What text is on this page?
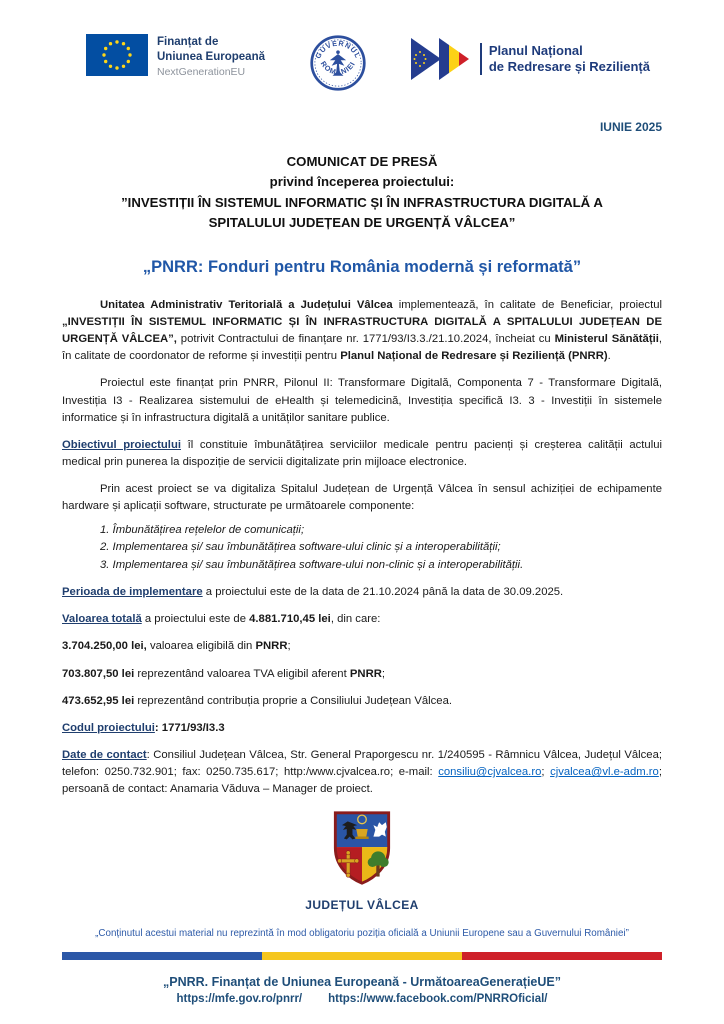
Finanțat de
Uniunea Europeană
NextGenerationEU
GUVERNUL
ROMÂNIEI
Planul Național
de Redresare și Reziliență
IUNIE 2025
COMUNICAT DE PRESĂ
privind începerea proiectului:
”INVESTIȚII ÎN SISTEMUL INFORMATIC ȘI ÎN INFRASTRUCTURA DIGITALĂ A SPITALULUI JUDEȚEAN DE URGENȚĂ VÂLCEA”
„PNRR: Fonduri pentru România modernă și reformată”

Unitatea Administrativ Teritorială a Județului Vâlcea implementează, în calitate de Beneficiar, proiectul „INVESTIȚII ÎN SISTEMUL INFORMATIC ȘI ÎN INFRASTRUCTURA DIGITALĂ A SPITALULUI JUDEȚEAN DE URGENȚĂ VÂLCEA”, potrivit Contractului de finanțare nr. 1771/93/I3.3./21.10.2024, încheiat cu Ministerul Sănătății, în calitate de coordonator de reforme și investiții pentru Planul Național de Redresare și Reziliență (PNRR).

Proiectul este finanțat prin PNRR, Pilonul II: Transformare Digitală, Componenta 7 - Transformare Digitală, Investiția I3 - Realizarea sistemului de eHealth și telemedicină, Investiția specifică I3. 3 - Investiții în sistemele informatice și în infrastructura digitală a unităților sanitare publice.

Obiectivul proiectului îl constituie îmbunătățirea serviciilor medicale pentru pacienți și creșterea calității actului medical prin punerea la dispoziție de servicii digitalizate prin mijloace electronice.

Prin acest proiect se va digitaliza Spitalul Județean de Urgență Vâlcea în sensul achiziției de echipamente hardware și aplicații software, structurate pe următoarele componente:

1. Îmbunătățirea rețelelor de comunicații;
2. Implementarea și/ sau îmbunătățirea software-ului clinic și a interoperabilității;
3. Implementarea și/ sau îmbunătățirea software-ului non-clinic și a interoperabilității.

Perioada de implementare a proiectului este de la data de 21.10.2024 până la data de 30.09.2025.

Valoarea totală a proiectului este de 4.881.710,45 lei, din care:

3.704.250,00 lei, valoarea eligibilă din PNRR;

703.807,50 lei reprezentând valoarea TVA eligibil aferent PNRR;

473.652,95 lei reprezentând contribuția proprie a Consiliului Județean Vâlcea.

Codul proiectului: 1771/93/I3.3

Date de contact: Consiliul Județean Vâlcea, Str. General Praporgescu nr. 1/240595 - Râmnicu Vâlcea, Județul Vâlcea; telefon: 0250.732.901; fax: 0250.735.617; http:/www.cjvalcea.ro; e-mail: consiliu@cjvalcea.ro; cjvalcea@vl.e-adm.ro; persoană de contact: Anamaria Văduva – Manager de proiect.

JUDEȚUL VÂLCEA
„Conținutul acestui material nu reprezintă în mod obligatoriu poziția oficială a Uniunii Europene sau a Guvernului României”
„PNRR. Finanțat de Uniunea Europeană - UrmătoareaGenerațieUE”
https://mfe.gov.ro/pnrr/ https://www.facebook.com/PNRROficial/
